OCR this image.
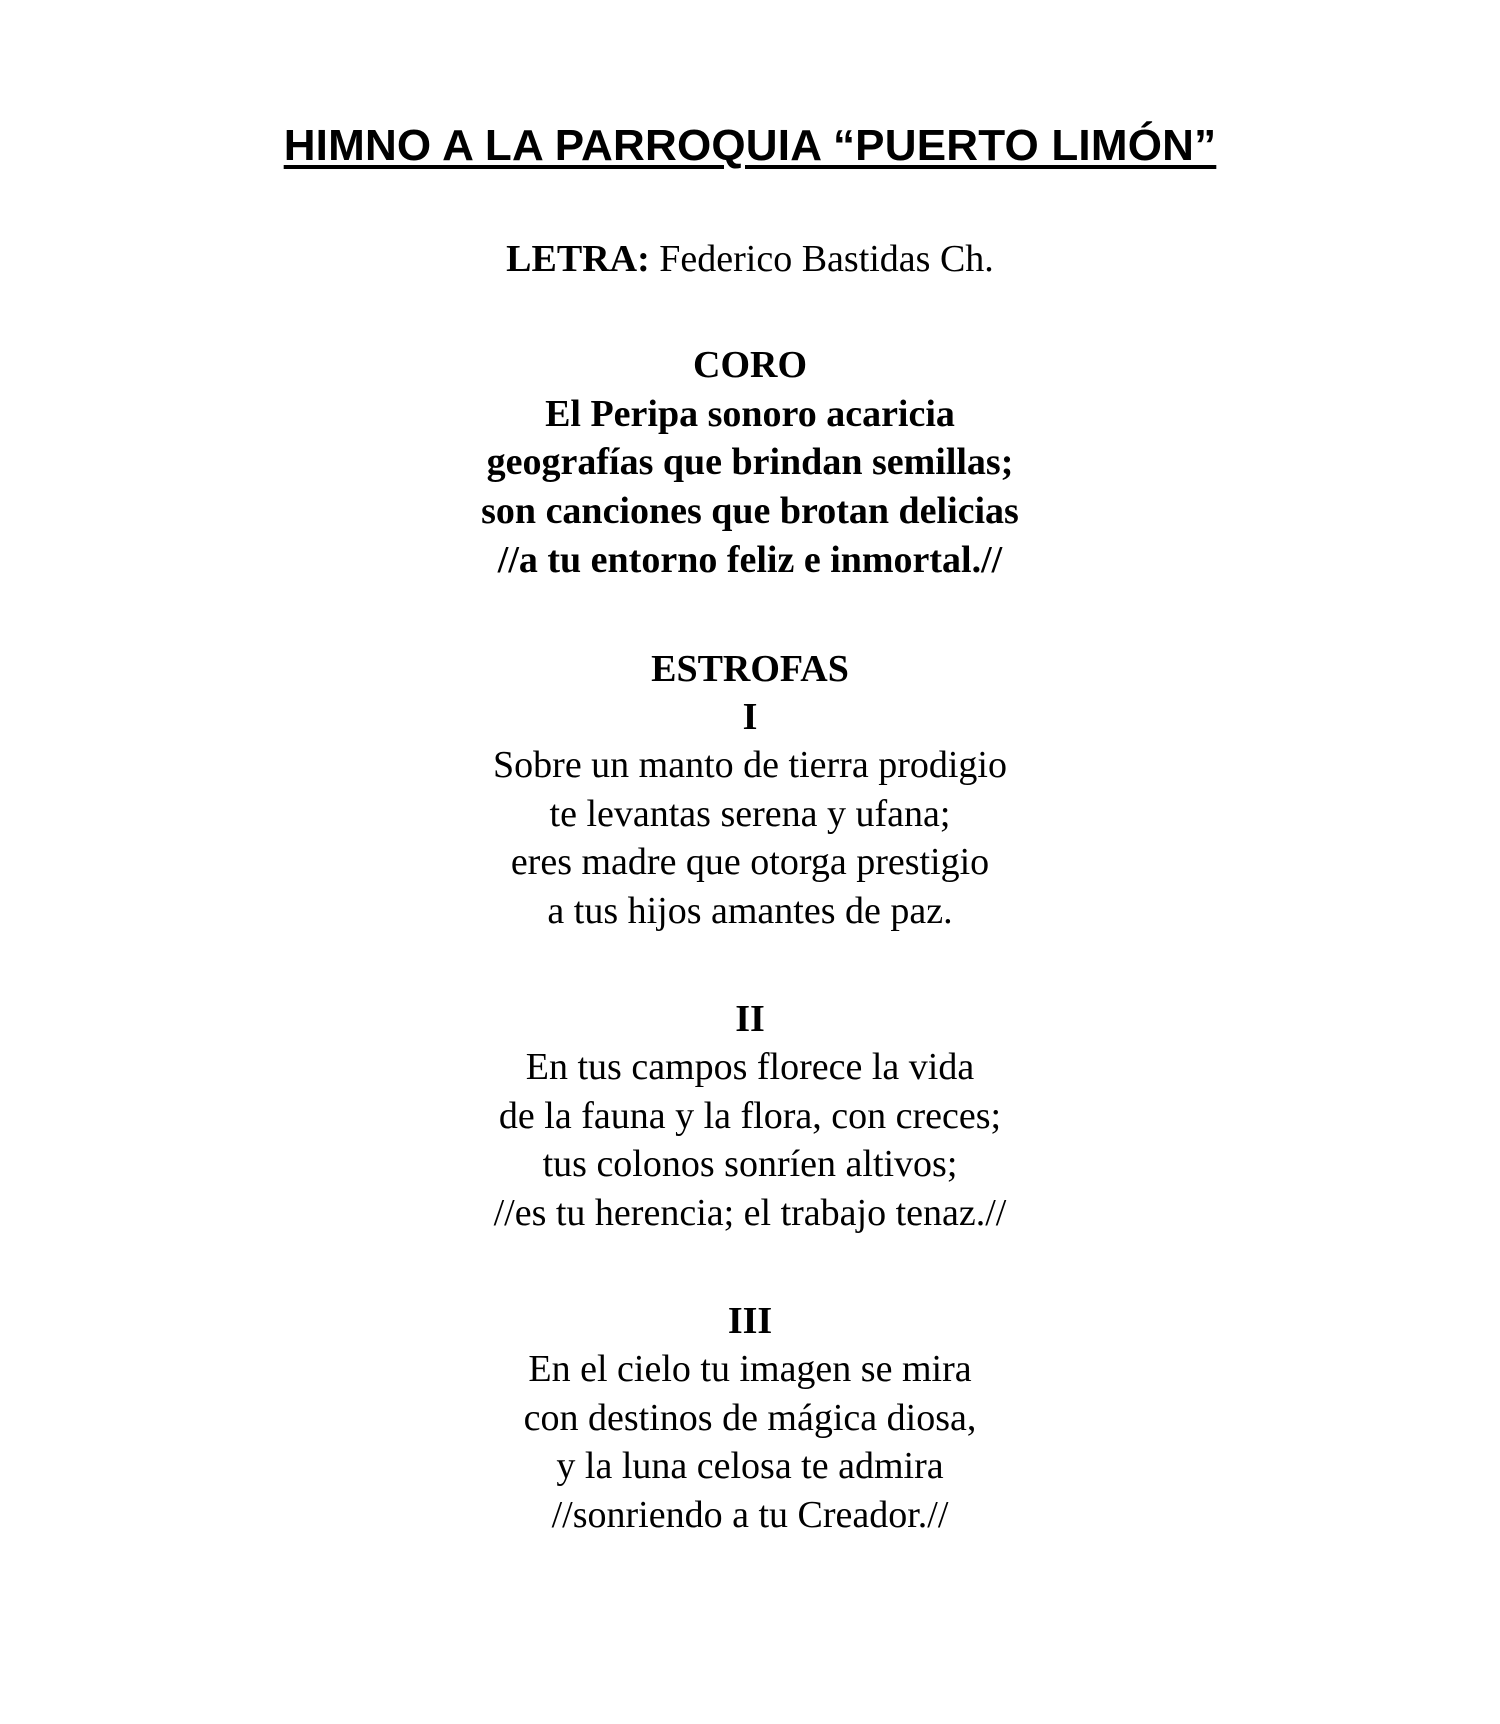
HIMNO A LA PARROQUIA “PUERTO LIMÓN”

LETRA: Federico Bastidas Ch.

CORO
El Peripa sonoro acaricia
geografías que brindan semillas;
son canciones que brotan delicias
//a tu entorno feliz e inmortal.//
ESTROFAS
I
Sobre un manto de tierra prodigio
te levantas serena y ufana;
eres madre que otorga prestigio
a tus hijos amantes de paz.
II
En tus campos florece la vida
de la fauna y la flora, con creces;
tus colonos sonríen altivos;
//es tu herencia; el trabajo tenaz.//
III
En el cielo tu imagen se mira
con destinos de mágica diosa,
y la luna celosa te admira
//sonriendo a tu Creador.//
